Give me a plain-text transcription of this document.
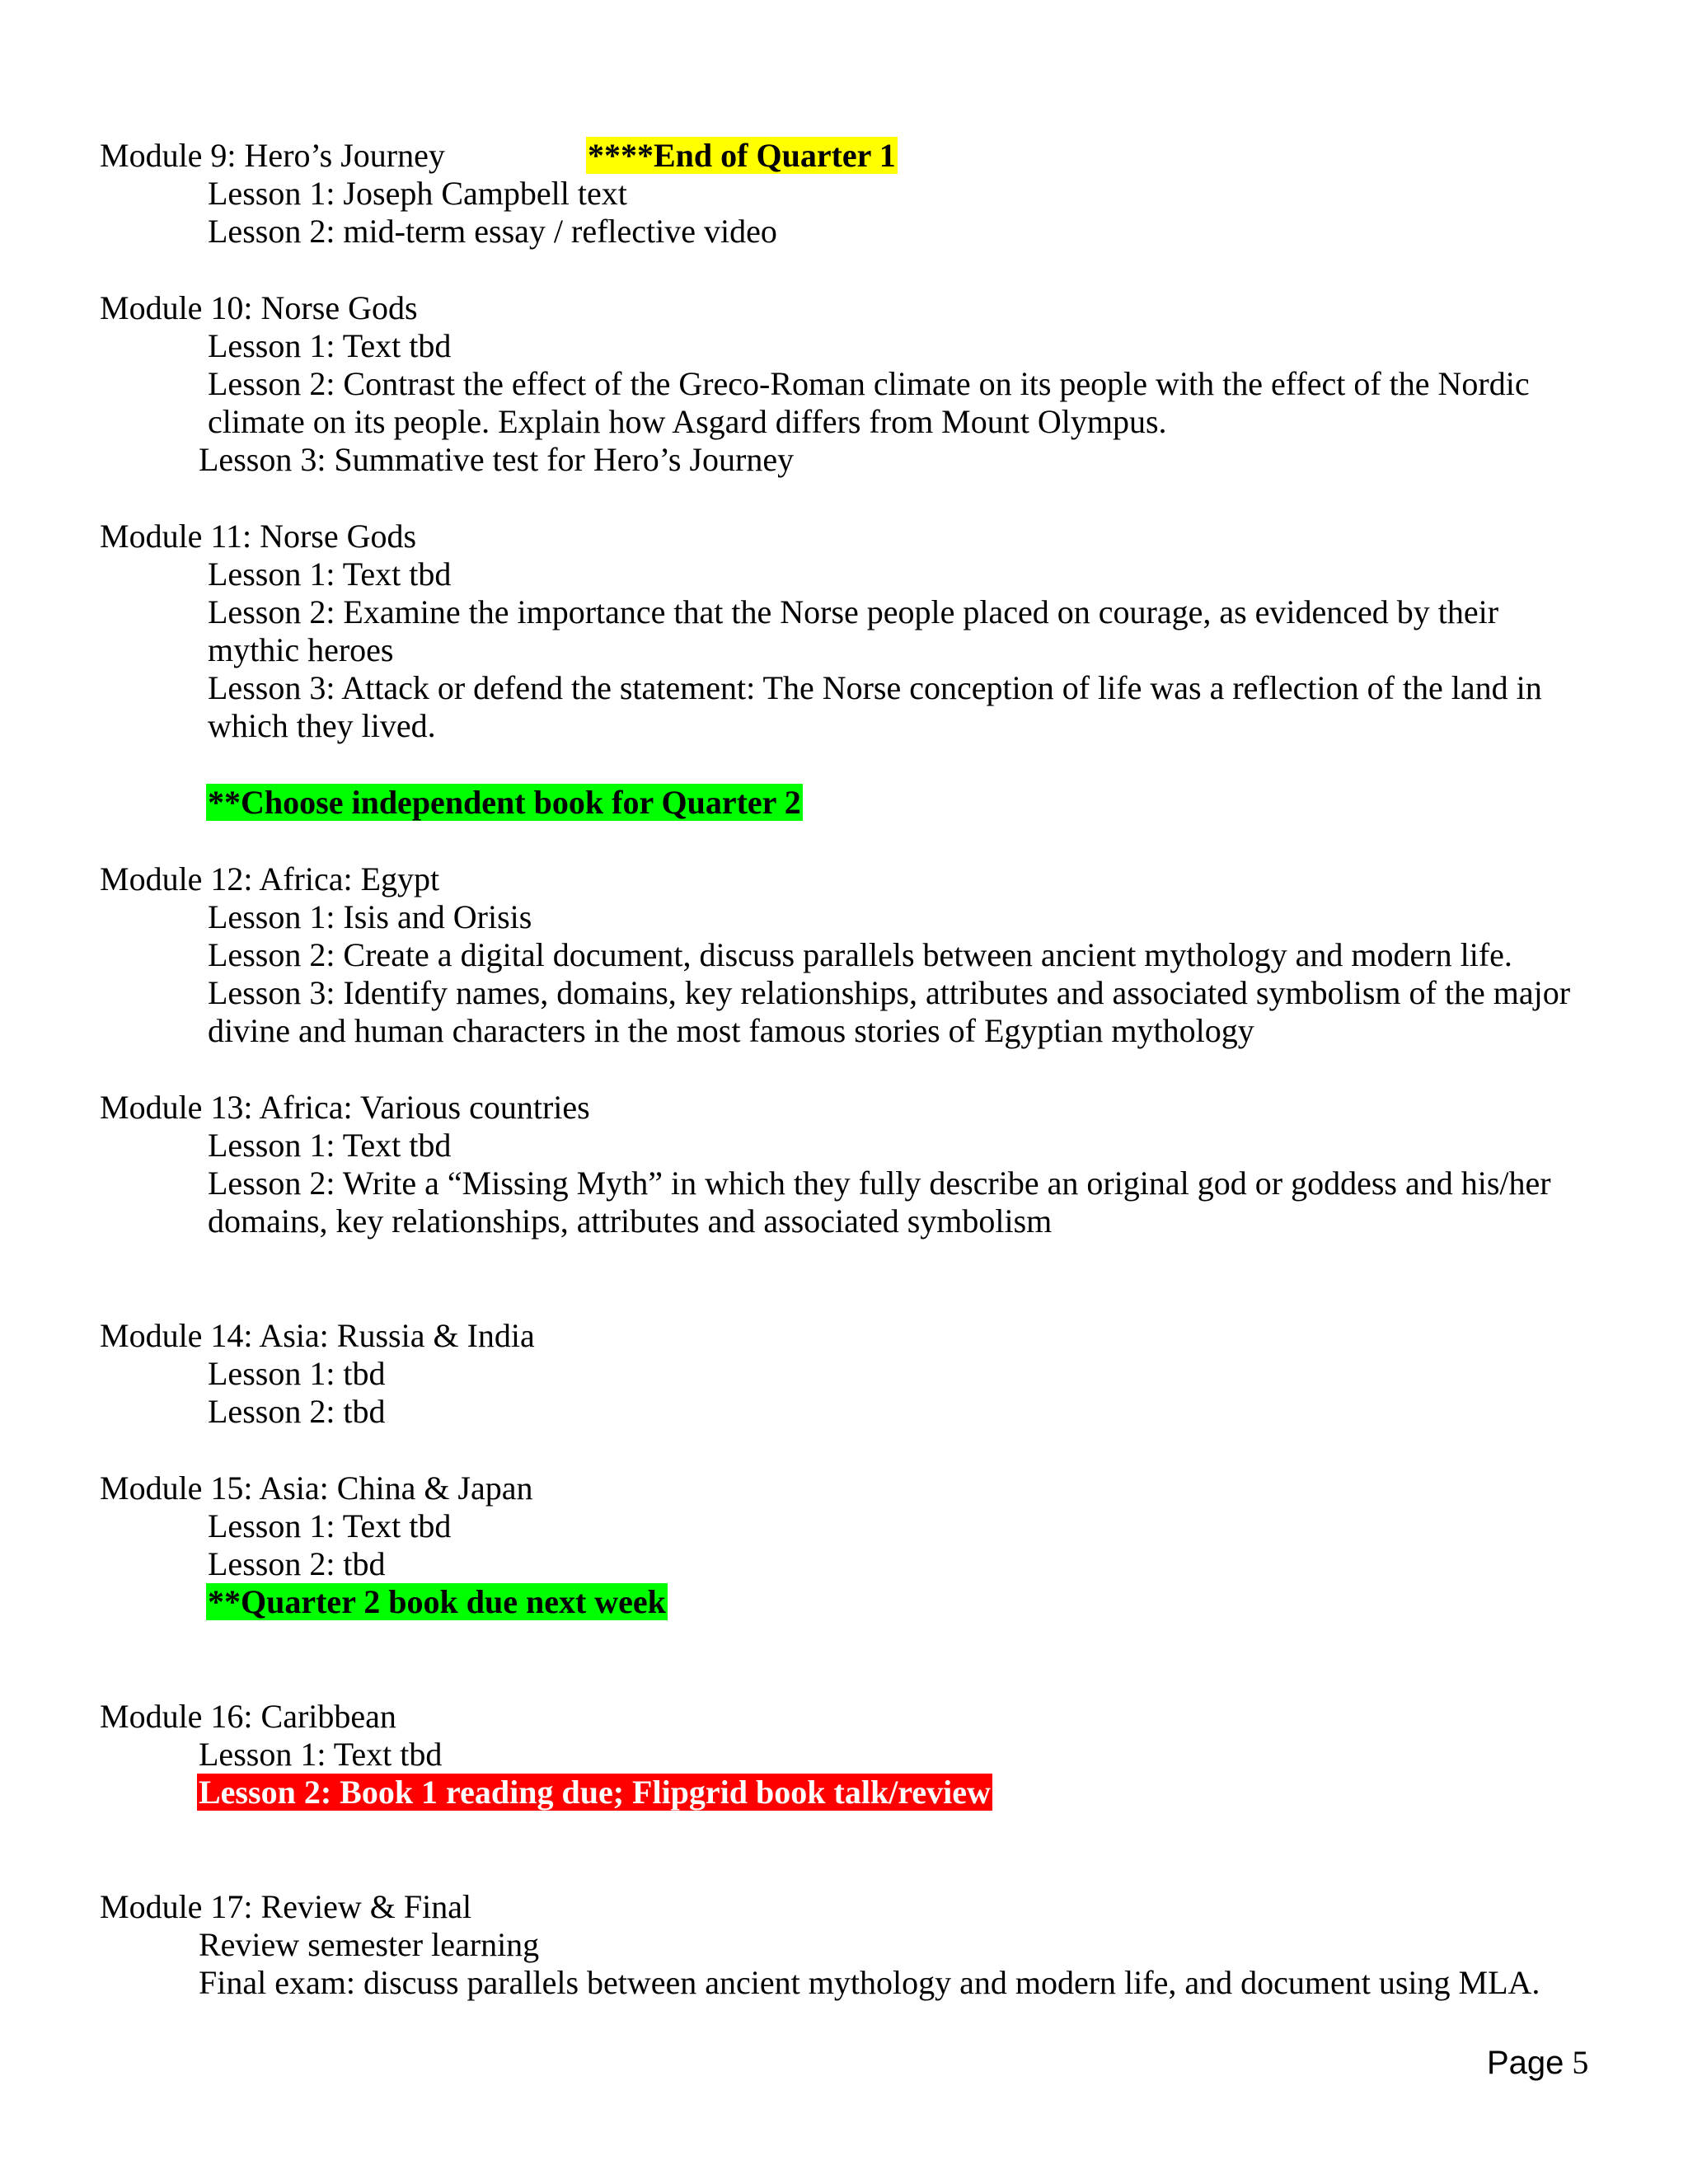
Module 9: Hero’s Journey	****End of Quarter 1
Lesson 1: Joseph Campbell text
Lesson 2: mid-term essay / reflective video
Module 10: Norse Gods
Lesson 1: Text tbd
Lesson 2: Contrast the effect of the Greco-Roman climate on its people with the effect of the Nordic
climate on its people. Explain how Asgard differs from Mount Olympus.
Lesson 3: Summative test for Hero’s Journey
Module 11: Norse Gods
Lesson 1: Text tbd
Lesson 2: Examine the importance that the Norse people placed on courage, as evidenced by their
mythic heroes
Lesson 3: Attack or defend the statement: The Norse conception of life was a reflection of the land in
which they lived.
**Choose independent book for Quarter 2
Module 12: Africa: Egypt
Lesson 1: Isis and Orisis
Lesson 2: Create a digital document, discuss parallels between ancient mythology and modern life.
Lesson 3: Identify names, domains, key relationships, attributes and associated symbolism of the major
divine and human characters in the most famous stories of Egyptian mythology
Module 13: Africa: Various countries
Lesson 1: Text tbd
Lesson 2: Write a “Missing Myth” in which they fully describe an original god or goddess and his/her
domains, key relationships, attributes and associated symbolism
Module 14: Asia: Russia & India
Lesson 1: tbd
Lesson 2: tbd
Module 15: Asia: China & Japan
Lesson 1: Text tbd
Lesson 2: tbd
**Quarter 2 book due next week
Module 16: Caribbean
Lesson 1: Text tbd
Lesson 2: Book 1 reading due; Flipgrid book talk/review
Module 17: Review & Final
Review semester learning
Final exam: discuss parallels between ancient mythology and modern life, and document using MLA.
Page 5
